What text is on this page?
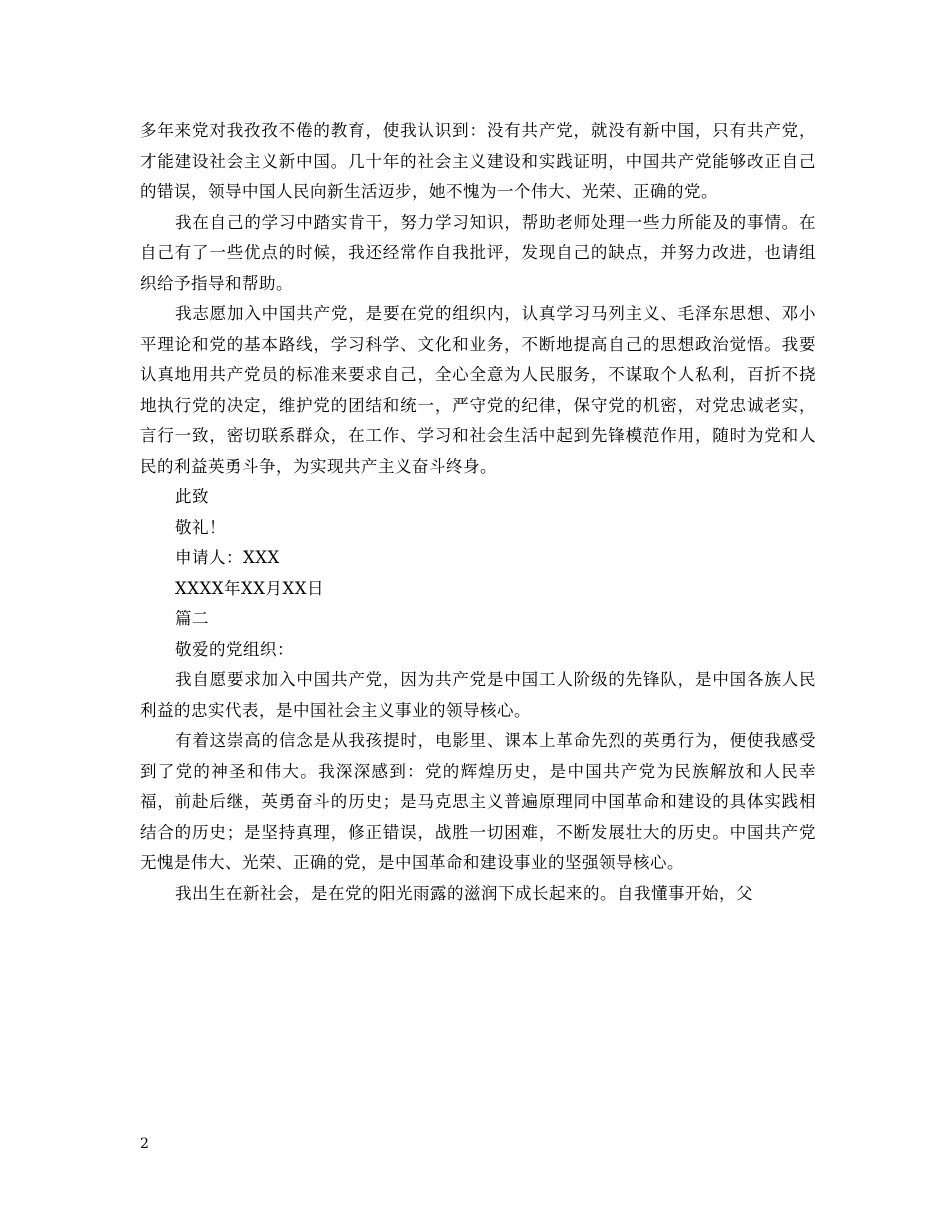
多年来党对我孜孜不倦的教育，使我认识到：没有共产党，就没有新中国，只有共产党，才能建设社会主义新中国。几十年的社会主义建设和实践证明，中国共产党能够改正自己的错误，领导中国人民向新生活迈步，她不愧为一个伟大、光荣、正确的党。

我在自己的学习中踏实肯干，努力学习知识，帮助老师处理一些力所能及的事情。在自己有了一些优点的时候，我还经常作自我批评，发现自己的缺点，并努力改进，也请组织给予指导和帮助。

我志愿加入中国共产党，是要在党的组织内，认真学习马列主义、毛泽东思想、邓小平理论和党的基本路线，学习科学、文化和业务，不断地提高自己的思想政治觉悟。我要认真地用共产党员的标准来要求自己，全心全意为人民服务，不谋取个人私利，百折不挠地执行党的决定，维护党的团结和统一，严守党的纪律，保守党的机密，对党忠诚老实，言行一致，密切联系群众，在工作、学习和社会生活中起到先锋模范作用，随时为党和人民的利益英勇斗争，为实现共产主义奋斗终身。

此致

敬礼！

申请人：XXX

XXXX年XX月XX日

篇二

敬爱的党组织：

我自愿要求加入中国共产党，因为共产党是中国工人阶级的先锋队，是中国各族人民利益的忠实代表，是中国社会主义事业的领导核心。

有着这崇高的信念是从我孩提时，电影里、课本上革命先烈的英勇行为，便使我感受到了党的神圣和伟大。我深深感到：党的辉煌历史，是中国共产党为民族解放和人民幸福，前赴后继，英勇奋斗的历史；是马克思主义普遍原理同中国革命和建设的具体实践相结合的历史；是坚持真理，修正错误，战胜一切困难，不断发展壮大的历史。中国共产党无愧是伟大、光荣、正确的党，是中国革命和建设事业的坚强领导核心。

我出生在新社会，是在党的阳光雨露的滋润下成长起来的。自我懂事开始，父

2
